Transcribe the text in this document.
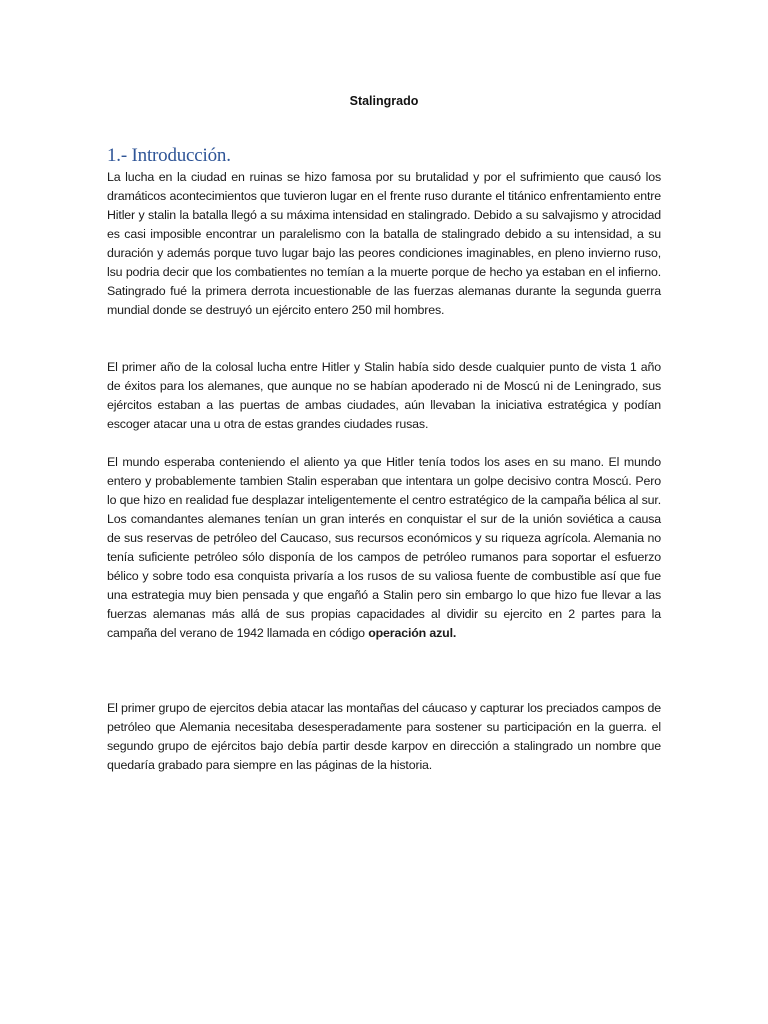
Stalingrado
1.- Introducción.

La lucha en la ciudad en ruinas se hizo famosa por su brutalidad y por el sufrimiento que causó los dramáticos acontecimientos que tuvieron lugar en el frente ruso durante el titánico enfrentamiento entre Hitler y stalin la batalla llegó a su máxima intensidad en stalingrado. Debido a su salvajismo y atrocidad es casi imposible encontrar un paralelismo con la batalla de stalingrado debido a su intensidad, a su duración y además porque tuvo lugar bajo las peores condiciones imaginables, en pleno invierno ruso, lsu podria decir que los combatientes no temían a la muerte porque de hecho ya estaban en el infierno. Satingrado fué la primera derrota incuestionable de las fuerzas alemanas durante la segunda guerra mundial donde se destruyó un ejército entero 250 mil hombres.

El primer año de la colosal lucha entre Hitler y Stalin había sido desde cualquier punto de vista 1 año de éxitos para los alemanes, que aunque no se habían apoderado ni de Moscú ni de Leningrado, sus ejércitos estaban a las puertas de ambas ciudades, aún llevaban la iniciativa estratégica y podían escoger atacar una u otra de estas grandes ciudades rusas.

El mundo esperaba conteniendo el aliento ya que Hitler tenía todos los ases en su mano. El mundo entero y probablemente tambien Stalin esperaban que intentara un golpe decisivo contra Moscú. Pero lo que hizo en realidad fue desplazar inteligentemente el centro estratégico de la campaña bélica al sur. Los comandantes alemanes tenían un gran interés en conquistar el sur de la unión soviética a causa de sus reservas de petróleo del Caucaso, sus recursos económicos y su riqueza agrícola. Alemania no tenía suficiente petróleo sólo disponía de los campos de petróleo rumanos para soportar el esfuerzo bélico y sobre todo esa conquista privaría a los rusos de su valiosa fuente de combustible así que fue una estrategia muy bien pensada y que engañó a Stalin pero sin embargo lo que hizo fue llevar a las fuerzas alemanas más allá de sus propias capacidades al dividir su ejercito en 2 partes para la campaña del verano de 1942 llamada en código operación azul.

El primer grupo de ejercitos debia atacar las montañas del cáucaso y capturar los preciados campos de petróleo que Alemania necesitaba desesperadamente para sostener su participación en la guerra. el segundo grupo de ejércitos bajo debía partir desde karpov en dirección a stalingrado un nombre que quedaría grabado para siempre en las páginas de la historia.
